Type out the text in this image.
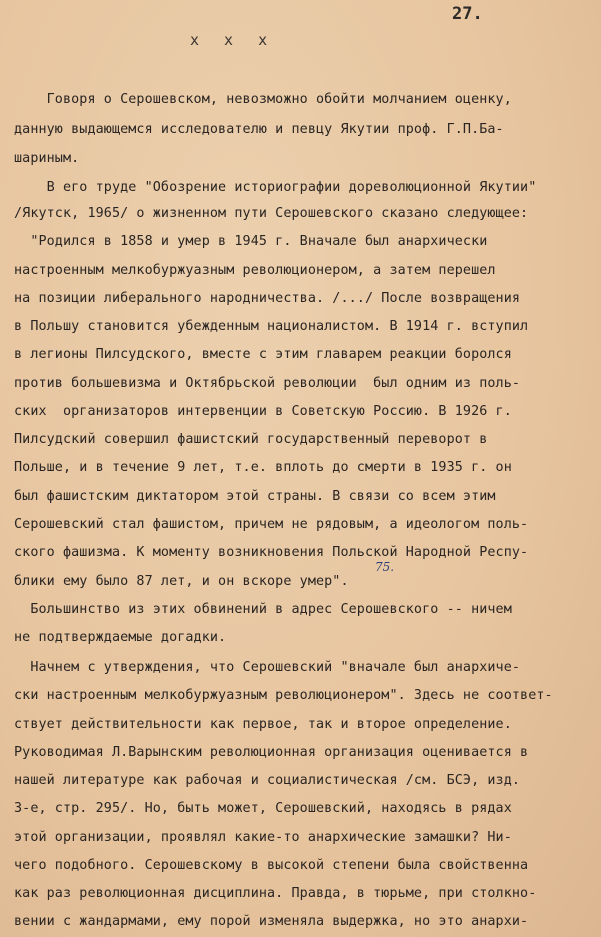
27.
x x x
Говоря о Серошевском, невозможно обойти молчанием оценку,
данную выдающемся исследователю и певцу Якутии проф. Г.П.Ба-
шариным.
В его труде "Обозрение историографии дореволюционной Якутии"
/Якутск, 1965/ о жизненном пути Серошевского сказано следующее:
"Родился в 1858 и умер в 1945 г. Вначале был анархически
настроенным мелкобуржуазным революционером, а затем перешел
на позиции либерального народничества. /.../ После возвращения
в Польшу становится убежденным националистом. В 1914 г. вступил
в легионы Пилсудского, вместе с этим главарем реакции боролся
против большевизма и Октябрьской революции  был одним из поль-
ских  организаторов интервенции в Советскую Россию. В 1926 г.
Пилсудский совершил фашистский государственный переворот в
Польше, и в течение 9 лет, т.е. вплоть до смерти в 1935 г. он
был фашистским диктатором этой страны. В связи со всем этим
Серошевский стал фашистом, причем не рядовым, а идеологом поль-
ского фашизма. К моменту возникновения Польской Народной Респу-
блики ему было 87 лет, и он вскоре умер".
Большинство из этих обвинений в адрес Серошевского -- ничем
не подтверждаемые догадки.
Начнем с утверждения, что Серошевский "вначале был анархиче-
ски настроенным мелкобуржуазным революционером". Здесь не соответ-
ствует действительности как первое, так и второе определение.
Руководимая Л.Варынским революционная организация оценивается в
нашей литературе как рабочая и социалистическая /см. БСЭ, изд.
3-е, стр. 295/. Но, быть может, Серошевский, находясь в рядах
этой организации, проявлял какие-то анархические замашки? Ни-
чего подобного. Серошевскому в высокой степени была свойственна
как раз революционная дисциплина. Правда, в тюрьме, при столкно-
вении с жандармами, ему порой изменяла выдержка, но это анархи-
75.
